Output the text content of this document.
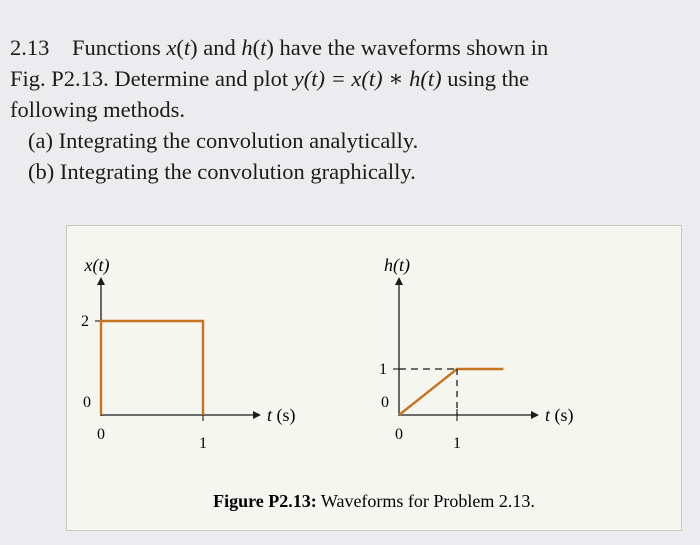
2.13 Functions x(t) and h(t) have the waveforms shown in
Fig. P2.13. Determine and plot y(t) = x(t) ∗ h(t) using the
following methods.
(a) Integrating the convolution analytically.
(b) Integrating the convolution graphically.
x(t)
t (s)
0
2
0
1
h(t)
t (s)
0
1
0
1
Figure P2.13: Waveforms for Problem 2.13.
